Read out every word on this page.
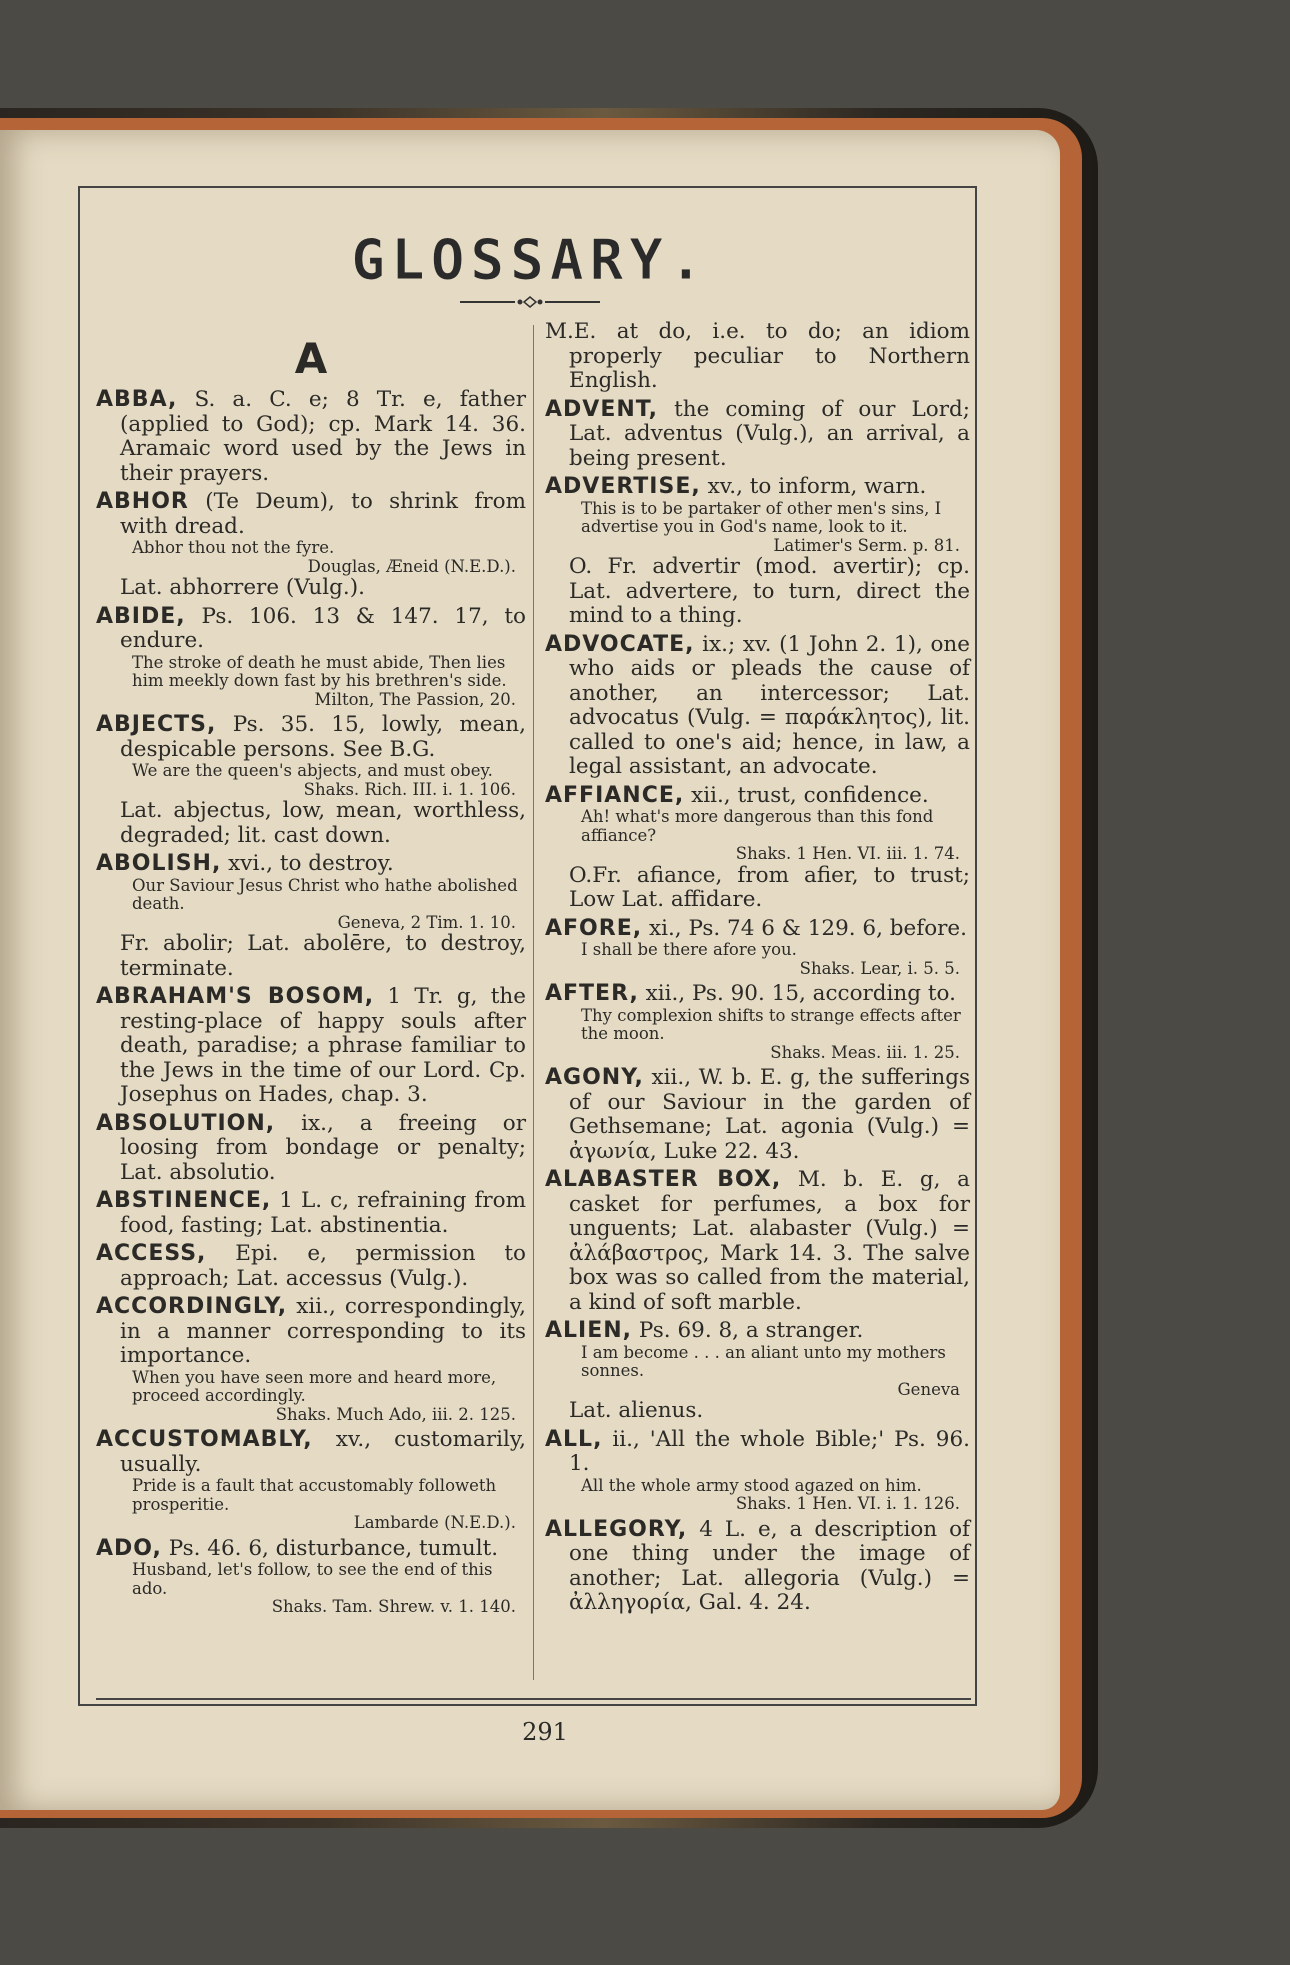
GLOSSARY.
A

ABBA, S. a. C. e; 8 Tr. e, father (applied to God); cp. Mark 14. 36. Aramaic word used by the Jews in their prayers.

ABHOR (Te Deum), to shrink from with dread.

Abhor thou not the fyre.

Douglas, Æneid (N.E.D.).

Lat. abhorrere (Vulg.).

ABIDE, Ps. 106. 13 & 147. 17, to endure.

The stroke of death he must abide, Then lies him meekly down fast by his brethren's side.

Milton, The Passion, 20.

ABJECTS, Ps. 35. 15, lowly, mean, despicable persons. See B.G.

We are the queen's abjects, and must obey.

Shaks. Rich. III. i. 1. 106.

Lat. abjectus, low, mean, worthless, degraded; lit. cast down.

ABOLISH, xvi., to destroy.

Our Saviour Jesus Christ who hathe abolished death.

Geneva, 2 Tim. 1. 10.

Fr. abolir; Lat. abolēre, to destroy, terminate.

ABRAHAM'S BOSOM, 1 Tr. g, the resting-place of happy souls after death, paradise; a phrase familiar to the Jews in the time of our Lord. Cp. Josephus on Hades, chap. 3.

ABSOLUTION, ix., a freeing or loosing from bondage or penalty; Lat. absolutio.

ABSTINENCE, 1 L. c, refraining from food, fasting; Lat. abstinentia.

ACCESS, Epi. e, permission to approach; Lat. accessus (Vulg.).

ACCORDINGLY, xii., correspondingly, in a manner corresponding to its importance.

When you have seen more and heard more, proceed accordingly.

Shaks. Much Ado, iii. 2. 125.

ACCUSTOMABLY, xv., customarily, usually.

Pride is a fault that accustomably followeth prosperitie.

Lambarde (N.E.D.).

ADO, Ps. 46. 6, disturbance, tumult.

Husband, let's follow, to see the end of this ado.

Shaks. Tam. Shrew. v. 1. 140.

M.E. at do, i.e. to do; an idiom properly peculiar to Northern English.

ADVENT, the coming of our Lord; Lat. adventus (Vulg.), an arrival, a being present.

ADVERTISE, xv., to inform, warn.

This is to be partaker of other men's sins, I advertise you in God's name, look to it.

Latimer's Serm. p. 81.

O. Fr. advertir (mod. avertir); cp. Lat. advertere, to turn, direct the mind to a thing.

ADVOCATE, ix.; xv. (1 John 2. 1), one who aids or pleads the cause of another, an intercessor; Lat. advocatus (Vulg. = παράκλητος), lit. called to one's aid; hence, in law, a legal assistant, an advocate.

AFFIANCE, xii., trust, confidence.

Ah! what's more dangerous than this fond affiance?

Shaks. 1 Hen. VI. iii. 1. 74.

O.Fr. afiance, from afier, to trust; Low Lat. affidare.

AFORE, xi., Ps. 74 6 & 129. 6, before.

I shall be there afore you.

Shaks. Lear, i. 5. 5.

AFTER, xii., Ps. 90. 15, according to.

Thy complexion shifts to strange effects after the moon.

Shaks. Meas. iii. 1. 25.

AGONY, xii., W. b. E. g, the sufferings of our Saviour in the garden of Gethsemane; Lat. agonia (Vulg.) = ἀγωνία, Luke 22. 43.

ALABASTER BOX, M. b. E. g, a casket for perfumes, a box for unguents; Lat. alabaster (Vulg.) = ἀλάβαστρος, Mark 14. 3. The salve box was so called from the material, a kind of soft marble.

ALIEN, Ps. 69. 8, a stranger.

I am become . . . an aliant unto my mothers sonnes.

Geneva

Lat. alienus.

ALL, ii., 'All the whole Bible;' Ps. 96. 1.

All the whole army stood agazed on him.

Shaks. 1 Hen. VI. i. 1. 126.

ALLEGORY, 4 L. e, a description of one thing under the image of another; Lat. allegoria (Vulg.) = ἀλληγορία, Gal. 4. 24.

291
